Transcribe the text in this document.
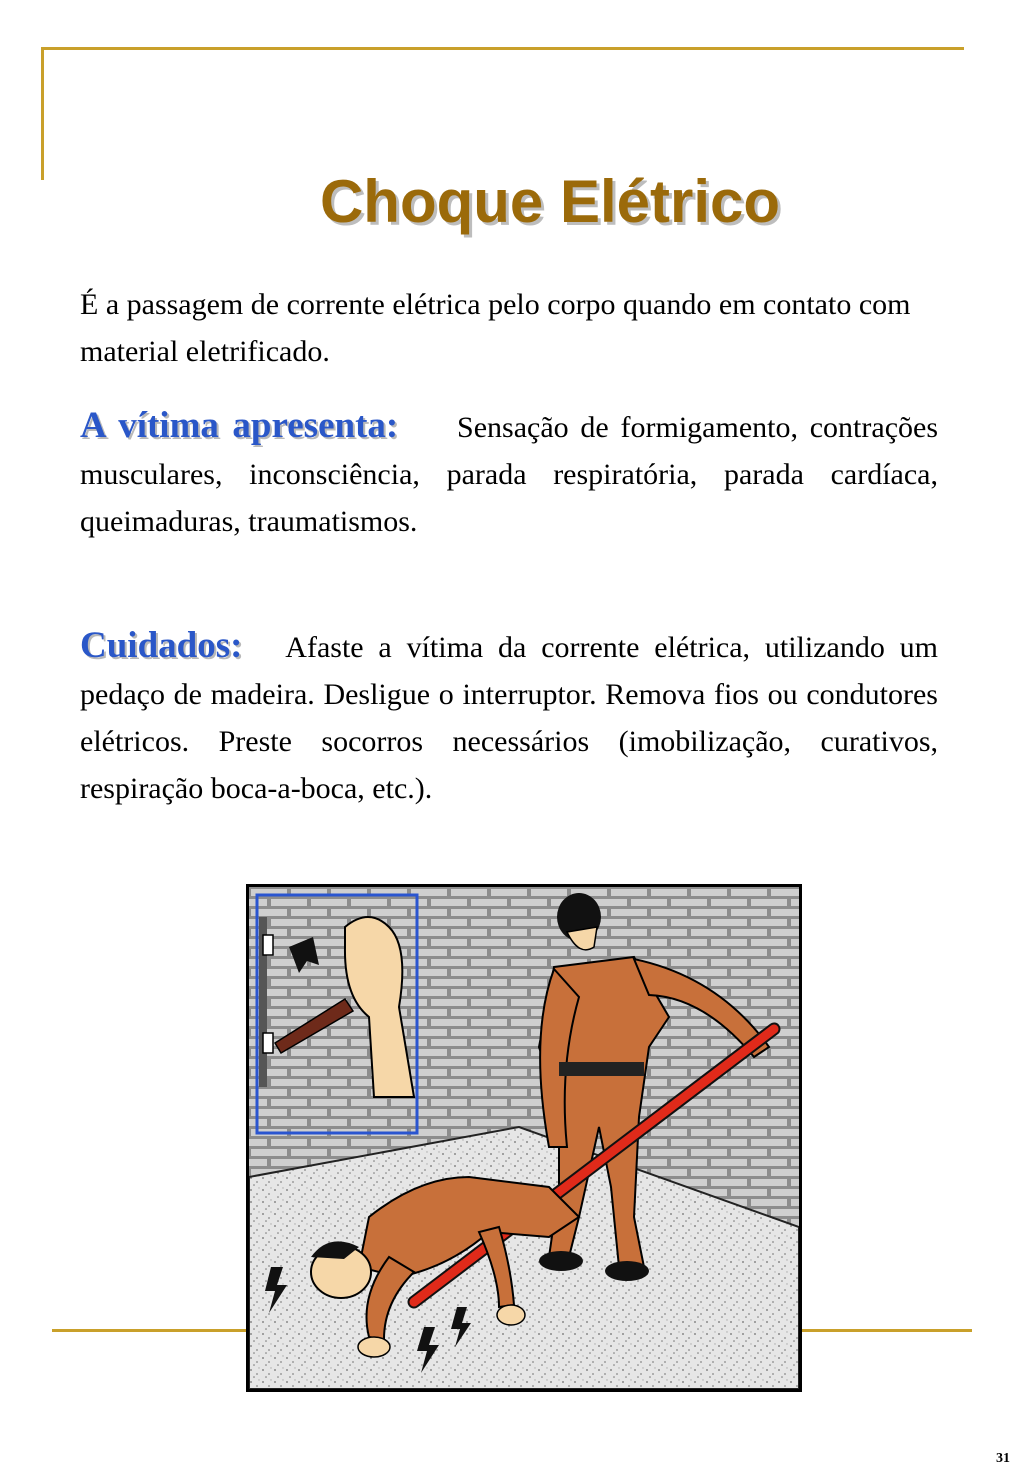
Choque Elétrico

É a passagem de corrente elétrica pelo corpo quando em contato com material eletrificado.

A vítima apresenta: Sensação de formigamento, contrações musculares, inconsciência, parada respiratória, parada cardíaca, queimaduras, traumatismos.

Cuidados: Afaste a vítima da corrente elétrica, utilizando um pedaço de madeira. Desligue o interruptor. Remova fios ou condutores elétricos. Preste socorros necessários (imobilização, curativos, respiração boca-a-boca, etc.).

31
